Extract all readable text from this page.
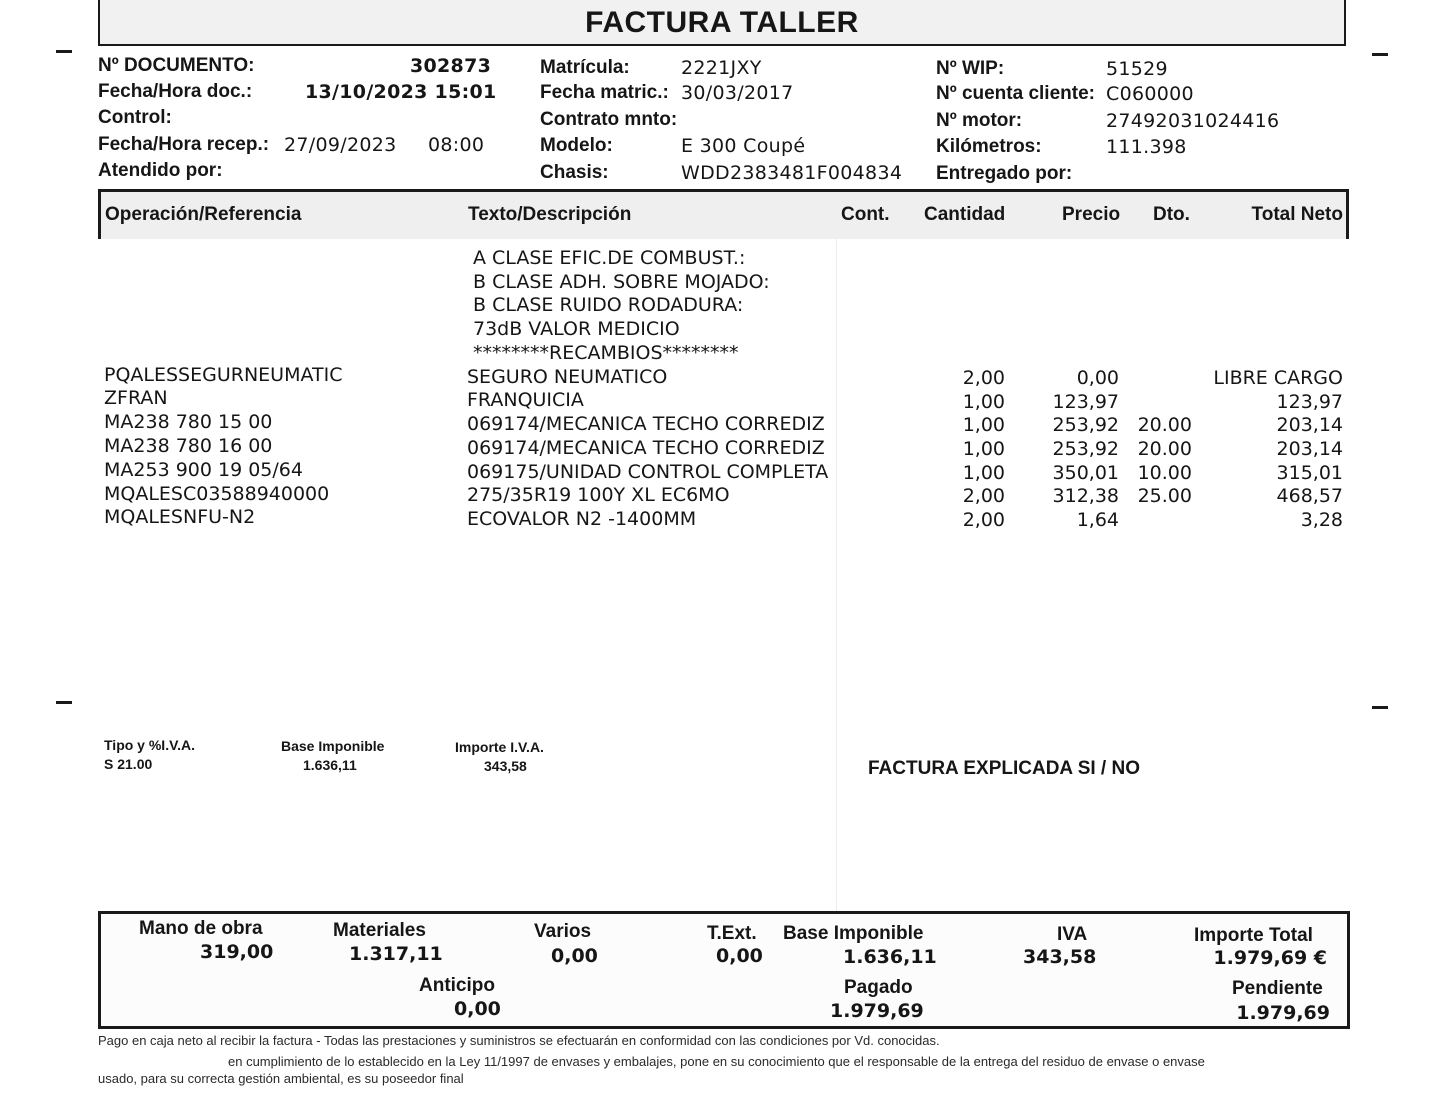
FACTURA TALLER
Nº DOCUMENTO:	302873
Fecha/Hora doc.:	13/10/2023 15:01
Control:
Fecha/Hora recep.: 27/09/2023 08:00
Atendido por:
Matrícula:	2221JXY
Fecha matric.: 30/03/2017
Contrato mnto:
Modelo:	E 300 Coupé
Chasis:	WDD2383481F004834
Nº WIP:	51529
Nº cuenta cliente: C060000
Nº motor:	27492031024416
Kilómetros:	111.398
Entregado por:
Operación/Referencia	Texto/Descripción	Cont. Cantidad	Precio Dto.	Total Neto
A CLASE EFIC.DE COMBUST.:
B CLASE ADH. SOBRE MOJADO:
B CLASE RUIDO RODADURA:
73dB VALOR MEDICIO
********RECAMBIOS********
PQALESSEGURNEUMATIC	SEGURO NEUMATICO	2,00	0,00	LIBRE CARGO
ZFRAN	FRANQUICIA	1,00	123,97	123,97
MA238 780 15 00	069174/MECANICA TECHO CORREDIZ	1,00	253,92 20.00	203,14
MA238 780 16 00	069174/MECANICA TECHO CORREDIZ	1,00	253,92 20.00	203,14
MA253 900 19 05/64	069175/UNIDAD CONTROL COMPLETA	1,00	350,01 10.00	315,01
MQALESC03588940000	275/35R19 100Y XL EC6MO	2,00	312,38 25.00	468,57
MQALESNFU-N2	ECOVALOR N2 -1400MM	2,00	1,64	3,28
Tipo y %I.V.A.
S 21.00
Base Imponible
1.636,11
Importe I.V.A.
343,58	FACTURA EXPLICADA SI / NO
Mano de obra
319,00
Materiales
1.317,11
Varios
0,00
T.Ext.
0,00
Base Imponible
1.636,11
IVA
343,58
Importe Total
1.979,69 €
Anticipo
0,00
Pagado
1.979,69
Pendiente
1.979,69
Pago en caja neto al recibir la factura - Todas las prestaciones y suministros se efectuarán en conformidad con las condiciones por Vd. conocidas.
en cumplimiento de lo establecido en la Ley 11/1997 de envases y embalajes, pone en su conocimiento que el responsable de la entrega del residuo de envase o envase
usado, para su correcta gestión ambiental, es su poseedor final
